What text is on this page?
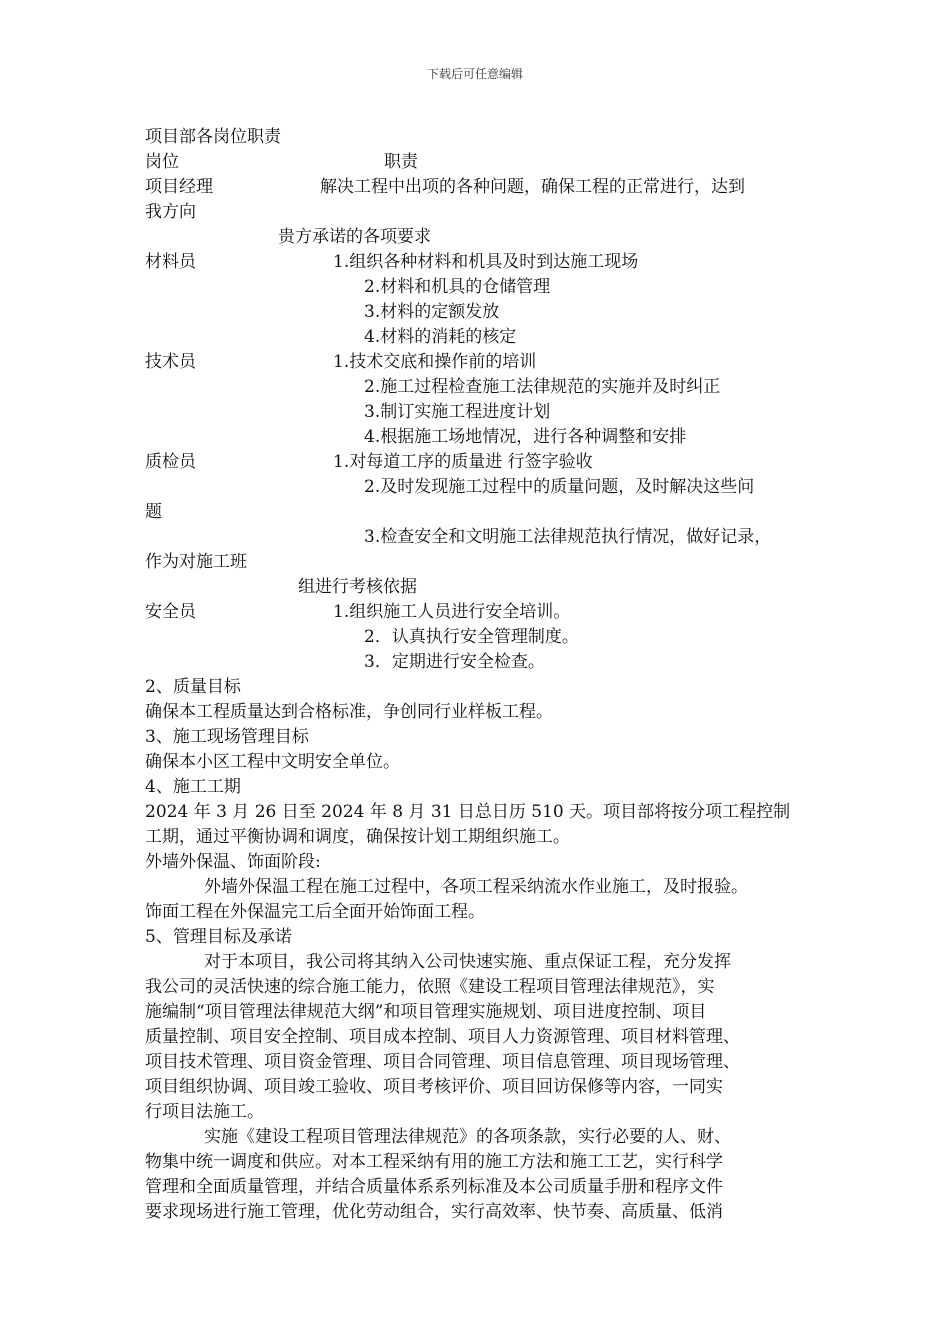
下载后可任意编辑
项目部各岗位职责
岗位	职责
项目经理	解决工程中出项的各种问题，确保工程的正常进行，达到
我方向
贵方承诺的各项要求
材料员	1.组织各种材料和机具及时到达施工现场
2.材料和机具的仓储管理
3.材料的定额发放
4.材料的消耗的核定
技术员	1.技术交底和操作前的培训
2.施工过程检查施工法律规范的实施并及时纠正
3.制订实施工程进度计划
4.根据施工场地情况，进行各种调整和安排
质检员	1.对每道工序的质量进 行签字验收
2.及时发现施工过程中的质量问题，及时解决这些问
题
3.检查安全和文明施工法律规范执行情况，做好记录，
作为对施工班
组进行考核依据
安全员	1.组织施工人员进行安全培训。
2．认真执行安全管理制度。
3．定期进行安全检查。
2、质量目标
确保本工程质量达到合格标准，争创同行业样板工程。
3、施工现场管理目标
确保本小区工程中文明安全单位。
4、施工工期
2024 年 3 月 26 日至 2024 年 8 月 31 日总日历 510 天。项目部将按分项工程控制
工期，通过平衡协调和调度，确保按计划工期组织施工。
外墙外保温、饰面阶段:
外墙外保温工程在施工过程中，各项工程采纳流水作业施工，及时报验。
饰面工程在外保温完工后全面开始饰面工程。
5、管理目标及承诺
对于本项目，我公司将其纳入公司快速实施、重点保证工程，充分发挥
我公司的灵活快速的综合施工能力，依照《建设工程项目管理法律规范》，实
施编制“项目管理法律规范大纲”和项目管理实施规划、项目进度控制、项目
质量控制、项目安全控制、项目成本控制、项目人力资源管理、项目材料管理、
项目技术管理、项目资金管理、项目合同管理、项目信息管理、项目现场管理、
项目组织协调、项目竣工验收、项目考核评价、项目回访保修等内容，一同实
行项目法施工。
实施《建设工程项目管理法律规范》的各项条款，实行必要的人、财、
物集中统一调度和供应。对本工程采纳有用的施工方法和施工工艺，实行科学
管理和全面质量管理，并结合质量体系系列标准及本公司质量手册和程序文件
要求现场进行施工管理，优化劳动组合，实行高效率、快节奏、高质量、低消
